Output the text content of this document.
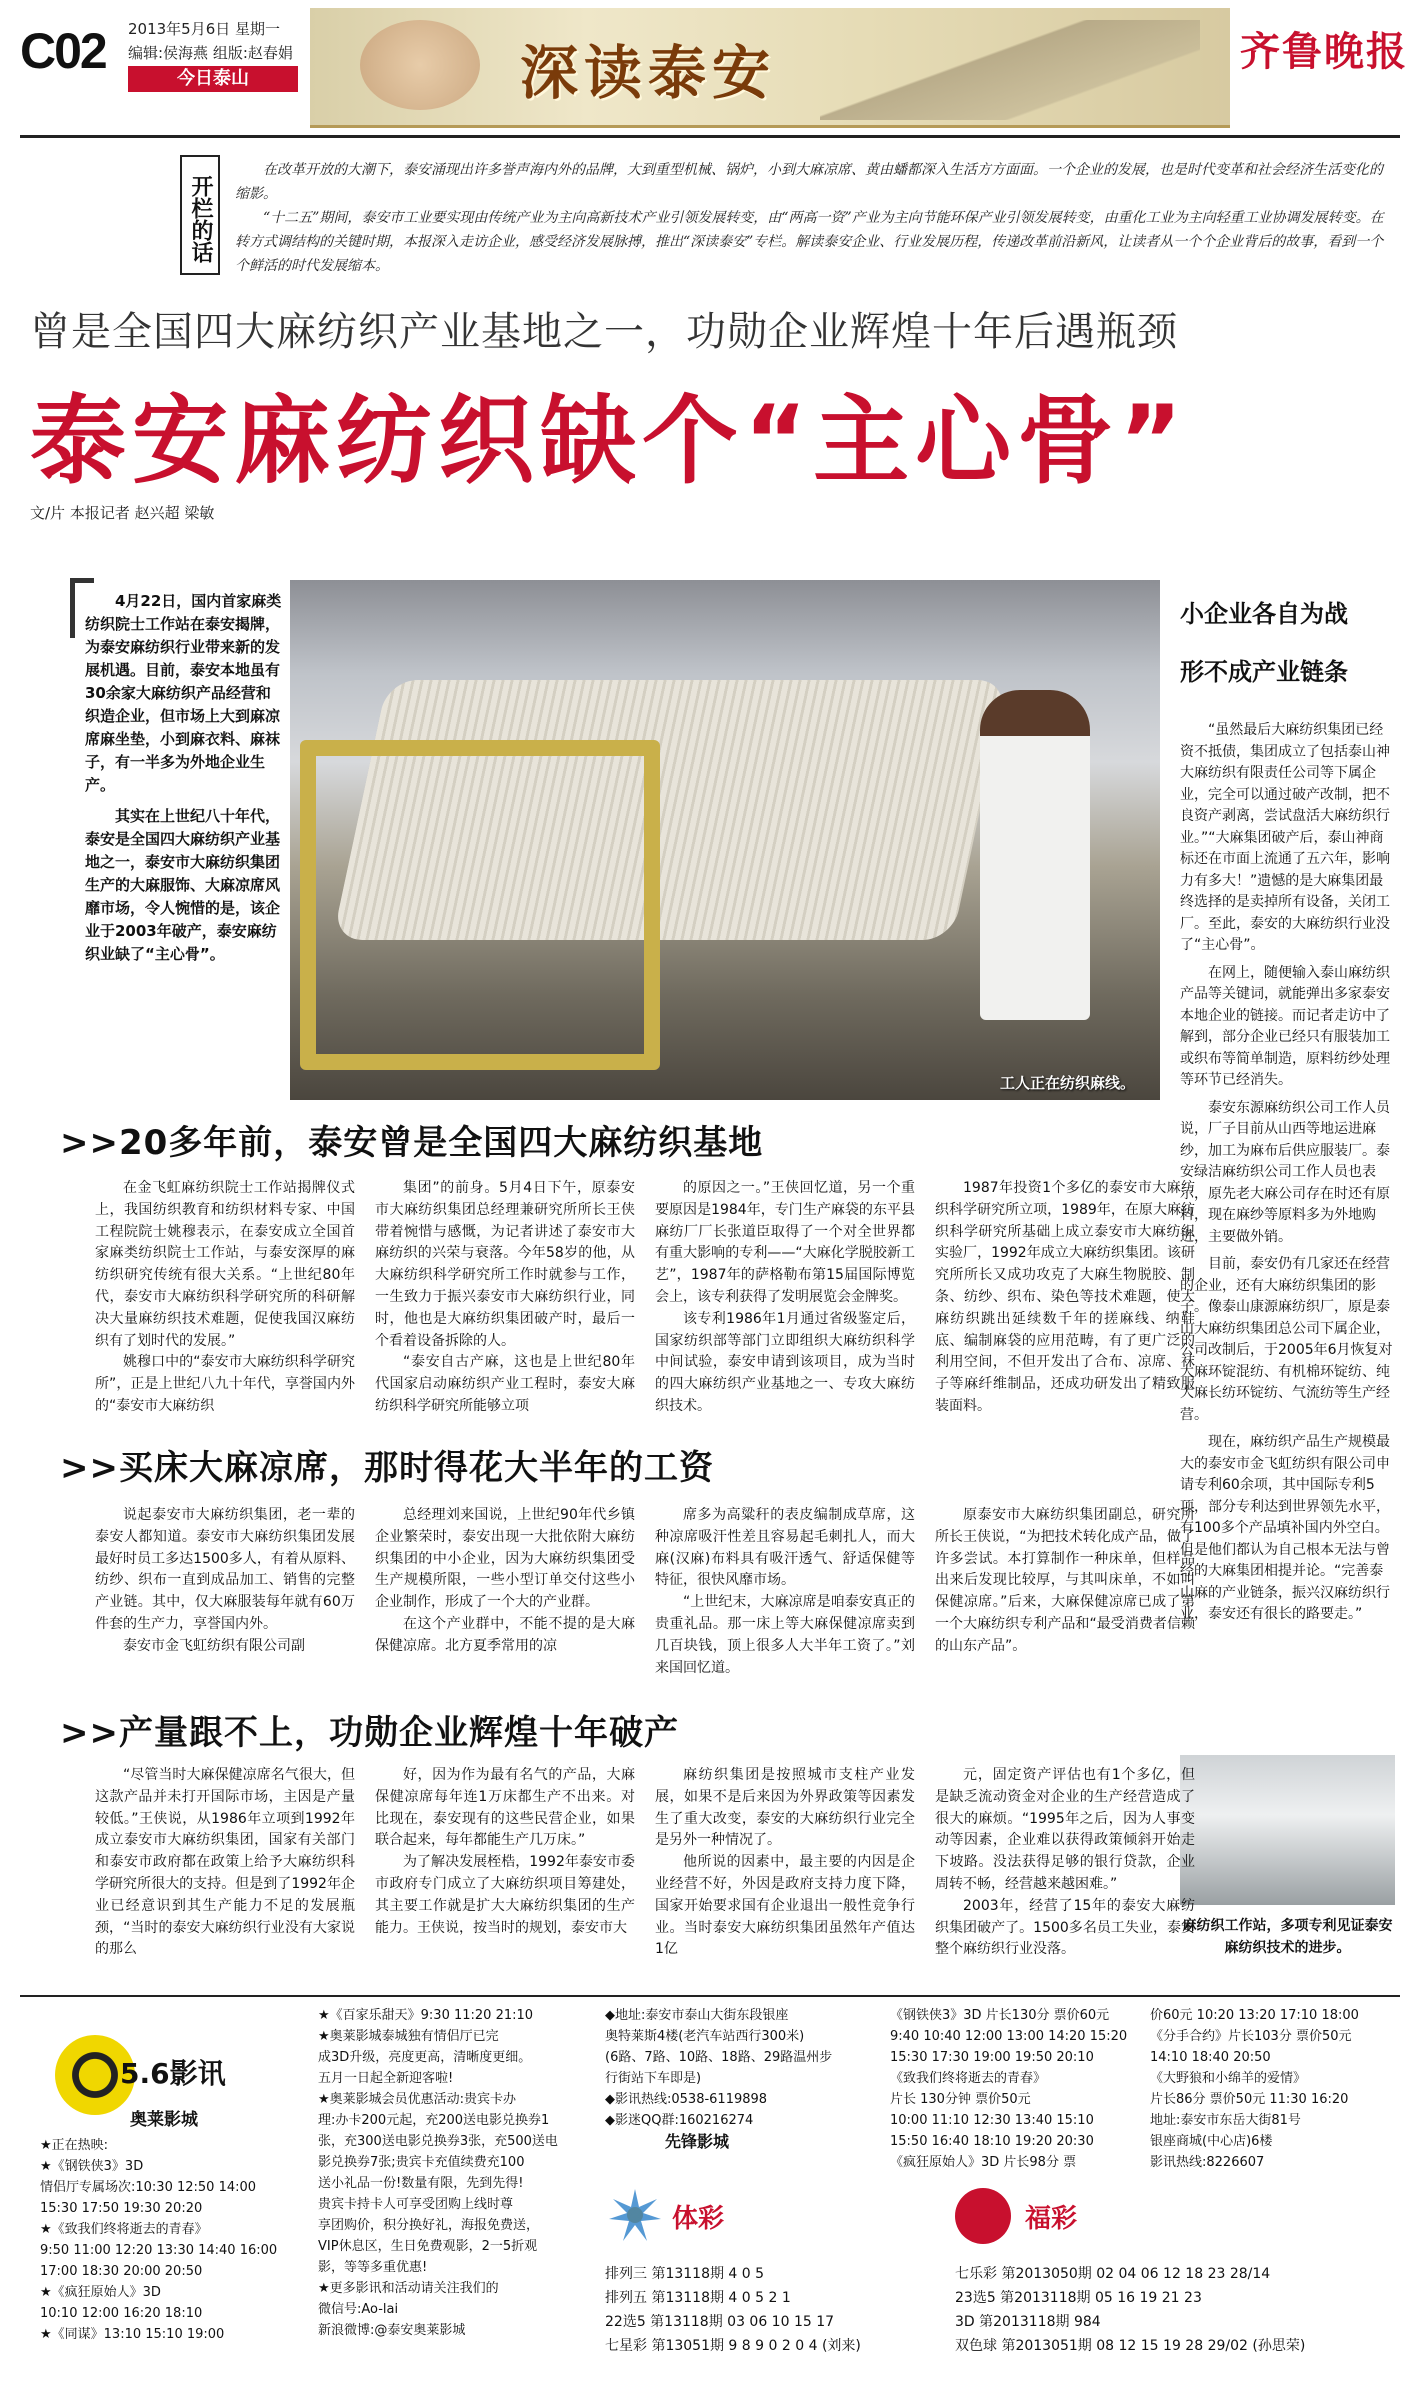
C02 2013年5月6日 星期一
编辑:侯海燕 组版:赵春娟
今日泰山	深读泰安	齐鲁晚报
开栏的话

在改革开放的大潮下，泰安涌现出许多誉声海内外的品牌，大到重型机械、锅炉，小到大麻凉席、黄由蟠都深入生活方方面面。一个企业的发展，也是时代变革和社会经济生活变化的缩影。

“十二五”期间，泰安市工业要实现由传统产业为主向高新技术产业引领发展转变，由“两高一资”产业为主向节能环保产业引领发展转变，由重化工业为主向轻重工业协调发展转变。在转方式调结构的关键时期，本报深入走访企业，感受经济发展脉搏，推出“深读泰安”专栏。解读泰安企业、行业发展历程，传递改革前沿新风，让读者从一个个企业背后的故事，看到一个个鲜活的时代发展缩本。

曾是全国四大麻纺织产业基地之一，功勋企业辉煌十年后遇瓶颈
泰安麻纺织缺个“主心骨”
文/片 本报记者 赵兴超 梁敏

4月22日，国内首家麻类纺织院士工作站在泰安揭牌，为泰安麻纺织行业带来新的发展机遇。目前，泰安本地虽有30余家大麻纺织产品经营和织造企业，但市场上大到麻凉席麻坐垫，小到麻衣料、麻袜子，有一半多为外地企业生产。

其实在上世纪八十年代，泰安是全国四大麻纺织产业基地之一，泰安市大麻纺织集团生产的大麻服饰、大麻凉席风靡市场，令人惋惜的是，该企业于2003年破产，泰安麻纺织业缺了“主心骨”。

工人正在纺织麻线。
小企业各自为战
形不成产业链条

“虽然最后大麻纺织集团已经资不抵债，集团成立了包括泰山神大麻纺织有限责任公司等下属企业，完全可以通过破产改制，把不良资产剥离，尝试盘活大麻纺织行业。”“大麻集团破产后，泰山神商标还在市面上流通了五六年，影响力有多大！”遗憾的是大麻集团最终选择的是卖掉所有设备，关闭工厂。至此，泰安的大麻纺织行业没了“主心骨”。

在网上，随便输入泰山麻纺织产品等关键词，就能弹出多家泰安本地企业的链接。而记者走访中了解到，部分企业已经只有服装加工或织布等简单制造，原料纺纱处理等环节已经消失。

泰安东源麻纺织公司工作人员说，厂子目前从山西等地运进麻纱，加工为麻布后供应服装厂。泰安绿洁麻纺织公司工作人员也表示，原先老大麻公司存在时还有原料，现在麻纱等原料多为外地购进，主要做外销。

目前，泰安仍有几家还在经营的企业，还有大麻纺织集团的影子。像泰山康源麻纺织厂，原是泰山大麻纺织集团总公司下属企业，公司改制后，于2005年6月恢复对大麻环锭混纺、有机棉环锭纺、纯大麻长纺环锭纺、气流纺等生产经营。

现在，麻纺织产品生产规模最大的泰安市金飞虹纺织有限公司申请专利60余项，其中国际专利5项，部分专利达到世界领先水平，有100多个产品填补国内外空白。但是他们都认为自己根本无法与曾经的大麻集团相提并论。“完善泰山麻的产业链条，振兴汉麻纺织行业，泰安还有很长的路要走。”

麻纺织工作站，多项专利见证泰安麻纺织技术的进步。
>>20多年前，泰安曾是全国四大麻纺织基地

在金飞虹麻纺织院士工作站揭牌仪式上，我国纺织教育和纺织材料专家、中国工程院院士姚穆表示，在泰安成立全国首家麻类纺织院士工作站，与泰安深厚的麻纺织研究传统有很大关系。“上世纪80年代，泰安市大麻纺织科学研究所的科研解决大量麻纺织技术难题，促使我国汉麻纺织有了划时代的发展。”

姚穆口中的“泰安市大麻纺织科学研究所”，正是上世纪八九十年代，享誉国内外的“泰安市大麻纺织

集团”的前身。5月4日下午，原泰安市大麻纺织集团总经理兼研究所所长王侠带着惋惜与感慨，为记者讲述了泰安市大麻纺织的兴荣与衰落。今年58岁的他，从大麻纺织科学研究所工作时就参与工作，一生致力于振兴泰安市大麻纺织行业，同时，他也是大麻纺织集团破产时，最后一个看着设备拆除的人。

“泰安自古产麻，这也是上世纪80年代国家启动麻纺织产业工程时，泰安大麻纺织科学研究所能够立项

的原因之一。”王侠回忆道，另一个重要原因是1984年，专门生产麻袋的东平县麻纺厂厂长张道臣取得了一个对全世界都有重大影响的专利——“大麻化学脱胶新工艺”，1987年的萨格勒布第15届国际博览会上，该专利获得了发明展览会金牌奖。

该专利1986年1月通过省级鉴定后，国家纺织部等部门立即组织大麻纺织科学中间试验，泰安申请到该项目，成为当时的四大麻纺织产业基地之一、专攻大麻纺织技术。

1987年投资1个多亿的泰安市大麻纺织科学研究所立项，1989年，在原大麻纺织科学研究所基础上成立泰安市大麻纺织实验厂，1992年成立大麻纺织集团。该研究所所长又成功攻克了大麻生物脱胶、制条、纺纱、织布、染色等技术难题，使大麻纺织跳出延续数千年的搓麻线、纳鞋底、编制麻袋的应用范畴，有了更广泛的利用空间，不但开发出了合布、凉席、袜子等麻纤维制品，还成功研发出了精致服装面料。

>>买床大麻凉席，那时得花大半年的工资

说起泰安市大麻纺织集团，老一辈的泰安人都知道。泰安市大麻纺织集团发展最好时员工多达1500多人，有着从原料、纺纱、织布一直到成品加工、销售的完整产业链。其中，仅大麻服装每年就有60万件套的生产力，享誉国内外。

泰安市金飞虹纺织有限公司副

总经理刘来国说，上世纪90年代乡镇企业繁荣时，泰安出现一大批依附大麻纺织集团的中小企业，因为大麻纺织集团受生产规模所限，一些小型订单交付这些小企业制作，形成了一个大的产业群。

在这个产业群中，不能不提的是大麻保健凉席。北方夏季常用的凉

席多为高粱秆的表皮编制成草席，这种凉席吸汗性差且容易起毛刺扎人，而大麻(汉麻)布料具有吸汗透气、舒适保健等特征，很快风靡市场。

“上世纪末，大麻凉席是咱泰安真正的贵重礼品。那一床上等大麻保健凉席卖到几百块钱，顶上很多人大半年工资了。”刘来国回忆道。

原泰安市大麻纺织集团副总，研究所所长王侠说，“为把技术转化成产品，做了许多尝试。本打算制作一种床单，但样品出来后发现比较厚，与其叫床单，不如叫保健凉席。”后来，大麻保健凉席已成了第一个大麻纺织专利产品和“最受消费者信赖的山东产品”。

>>产量跟不上，功勋企业辉煌十年破产

“尽管当时大麻保健凉席名气很大，但这款产品并未打开国际市场，主因是产量较低。”王侠说，从1986年立项到1992年成立泰安市大麻纺织集团，国家有关部门和泰安市政府都在政策上给予大麻纺织科学研究所很大的支持。但是到了1992年企业已经意识到其生产能力不足的发展瓶颈，“当时的泰安大麻纺织行业没有大家说的那么

好，因为作为最有名气的产品，大麻保健凉席每年连1万床都生产不出来。对比现在，泰安现有的这些民营企业，如果联合起来，每年都能生产几万床。”

为了解决发展桎梏，1992年泰安市委市政府专门成立了大麻纺织项目筹建处，其主要工作就是扩大大麻纺织集团的生产能力。王侠说，按当时的规划，泰安市大

麻纺织集团是按照城市支柱产业发展，如果不是后来因为外界政策等因素发生了重大改变，泰安的大麻纺织行业完全是另外一种情况了。

他所说的因素中，最主要的内因是企业经营不好，外因是政府支持力度下降，国家开始要求国有企业退出一般性竞争行业。当时泰安大麻纺织集团虽然年产值达1亿

元，固定资产评估也有1个多亿，但是缺乏流动资金对企业的生产经营造成了很大的麻烦。“1995年之后，因为人事变动等因素，企业难以获得政策倾斜开始走下坡路。没法获得足够的银行贷款，企业周转不畅，经营越来越困难。”

2003年，经营了15年的泰安大麻纺织集团破产了。1500多名员工失业，泰安整个麻纺织行业没落。

5.6影讯
奥莱影城
★正在热映:
★《钢铁侠3》3D
情侣厅专属场次:10:30 12:50 14:00
15:30 17:50 19:30 20:20
★《致我们终将逝去的青春》
9:50 11:00 12:20 13:30 14:40 16:00
17:00 18:30 20:00 20:50
★《疯狂原始人》3D
10:10 12:00 16:20 18:10
★《同谋》13:10 15:10 19:00
★《百家乐甜天》9:30 11:20 21:10
★奥莱影城泰城独有情侣厅已完
成3D升级，亮度更高，清晰度更细。
五月一日起全新迎客啦!
★奥莱影城会员优惠活动:贵宾卡办
理:办卡200元起，充200送电影兑换券1
张，充300送电影兑换券3张，充500送电
影兑换券7张;贵宾卡充值续费充100
送小礼品一份!数量有限，先到先得!
贵宾卡持卡人可享受团购上线时尊
享团购价，积分换好礼，海报免费送，
VIP休息区，生日免费观影，2一5折观
影，等等多重优惠!
★更多影讯和活动请关注我们的
微信号:Ao-lai
新浪微博:@泰安奥莱影城
◆地址:泰安市泰山大街东段银座
奥特莱斯4楼(老汽车站西行300米)
(6路、7路、10路、18路、29路温州步
行街站下车即是)
◆影讯热线:0538-6119898
◆影迷QQ群:160216274
先锋影城
《钢铁侠3》3D 片长130分 票价60元
9:40 10:40 12:00 13:00 14:20 15:20
15:30 17:30 19:00 19:50 20:10
《致我们终将逝去的青春》
片长 130分钟 票价50元
10:00 11:10 12:30 13:40 15:10
15:50 16:40 18:10 19:20 20:30
《疯狂原始人》3D 片长98分 票
价60元 10:20 13:20 17:10 18:00
《分手合约》片长103分 票价50元
14:10 18:40 20:50
《大野狼和小绵羊的爱情》
片长86分 票价50元 11:30 16:20
地址:泰安市东岳大街81号
银座商城(中心店)6楼
影讯热线:8226607
体彩	福彩
排列三 第13118期 4 0 5
排列五 第13118期 4 0 5 2 1
22选5 第13118期 03 06 10 15 17
七星彩 第13051期 9 8 9 0 2 0 4 (刘来)
七乐彩 第2013050期 02 04 06 12 18 23 28/14
23选5 第2013118期 05 16 19 21 23
3D 第2013118期 984
双色球 第2013051期 08 12 15 19 28 29/02 (孙思荣)
